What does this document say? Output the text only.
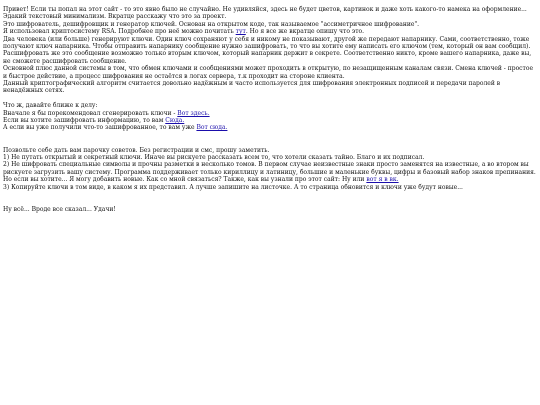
Привет! Если ты попал на этот сайт - то это явно было не случайно. Не удивляйся, здесь не будет цветов, картинок и даже хоть какого-то намека на оформление... Эдакий текстовый минимализм. Вкратце расскажу что это за проект.
Это шифрователь, дешифровщик и генератор ключей. Основан на открытом коде, так называемое "ассиметричное шифрование".
Я использовал криптосистему RSA. Подробнее про неё можно почитать тут. Но я все же вкратце опишу что это.
Два человека (или больше) генерируют ключи. Один ключ сохраняют у себя и никому не показывают, другой же передают напарнику. Сами, соответственно, тоже получают ключ напарника. Чтобы отправить напарнику сообщение нужно зашифровать, то что вы хотите ему написать его ключом (тем, который он вам сообщил). Расшифровать же это сообщение возможно только вторым ключом, который напарник держит в секрете. Соответственно никто, кроме вашего напарника, даже вы, не сможете расшифровать сообщение.
Основной плюс данной системы в том, что обмен ключами и сообщениями может проходить в открытую, по незащищенным каналам связи. Смена ключей - простое и быстрое действие, а процесс шифрования не остаётся в логах сервера, т.к проходит на стороне клиента.
Данный криптографический алгоритм считается довольно надёжным и часто используется для шифрования электронных подписей и передачи паролей в ненадёжных сетях.
Что ж, давайте ближе к делу:
Вначале я бы порекомендовал сгенерировать ключи - Вот здесь.
Если вы хотите зашифровать информацию, то вам Сюда.
А если вы уже получили что-то зашифрованное, то вам уже Вот сюда.
Позвольте себе дать вам парочку советов. Без регистрации и смс, прошу заметить.
1) Не путать открытый и секретный ключи. Иначе вы рискуете рассказать всем то, что хотели сказать тайно. Благо и их подписал.
2) Не шифровать специальные символы и прочны разметки в несколько томов. В первом случае неизвестные знаки просто заменятся на известные, а во втором вы рискуете загрузить вашу систему. Программа поддерживает только кириллицу и латиницу, большие и маленькие буквы, цифры и базовый набор знаков препинания. Но если вы хотите... Я могу добавить новые. Как со мной связаться? Также, как вы узнали про этот сайт: Ну или вот я в вк.
3) Копируйте ключи в том виде, в каком я их представил. А лучше запишите на листочке. А то страница обновится и ключи уже будут новые...
Ну всё... Вроде все сказал... Удачи!
